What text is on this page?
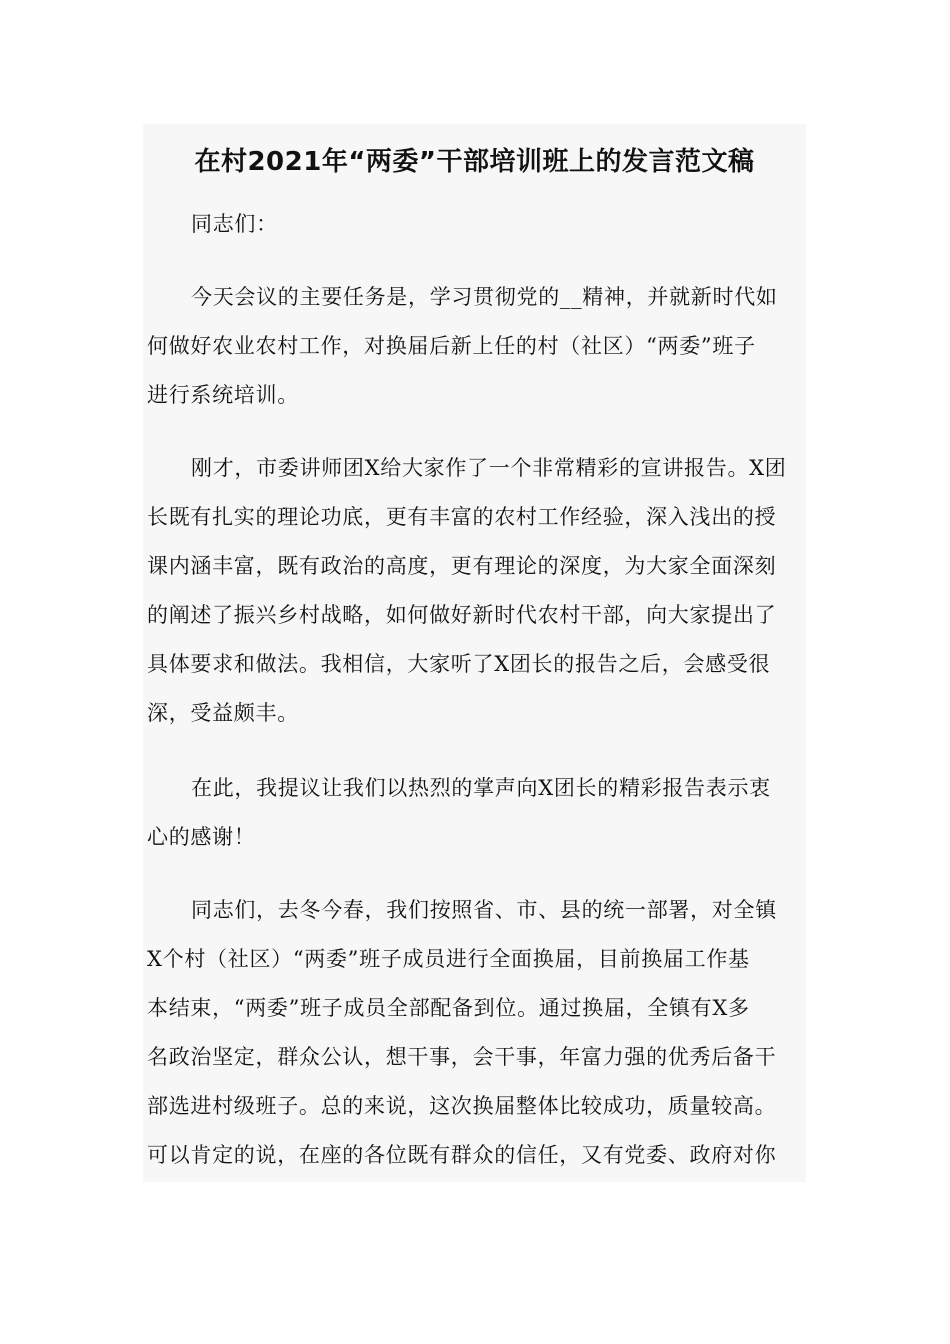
在村2021年“两委”干部培训班上的发言范文稿

同志们：

今天会议的主要任务是，学习贯彻党的__精神，并就新时代如
何做好农业农村工作，对换届后新上任的村（社区）“两委”班子
进行系统培训。

刚才，市委讲师团X给大家作了一个非常精彩的宣讲报告。X团
长既有扎实的理论功底，更有丰富的农村工作经验，深入浅出的授
课内涵丰富，既有政治的高度，更有理论的深度，为大家全面深刻
的阐述了振兴乡村战略，如何做好新时代农村干部，向大家提出了
具体要求和做法。我相信，大家听了X团长的报告之后，会感受很
深，受益颇丰。

在此，我提议让我们以热烈的掌声向X团长的精彩报告表示衷
心的感谢！

同志们，去冬今春，我们按照省、市、县的统一部署，对全镇
X个村（社区）“两委”班子成员进行全面换届，目前换届工作基
本结束，“两委”班子成员全部配备到位。通过换届，全镇有X多
名政治坚定，群众公认，想干事，会干事，年富力强的优秀后备干
部选进村级班子。总的来说，这次换届整体比较成功，质量较高。
可以肯定的说，在座的各位既有群众的信任，又有党委、政府对你
